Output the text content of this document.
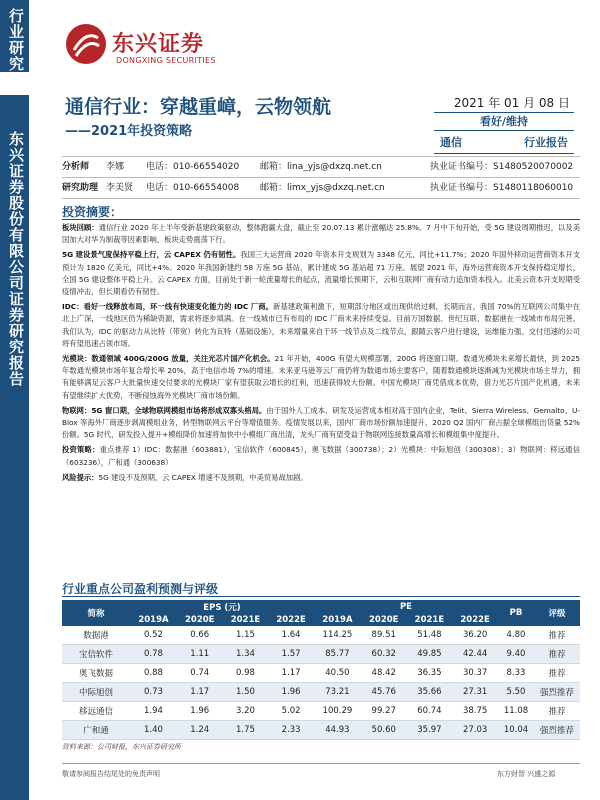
行业研究
东兴证券股份有限公司证券研究报告
东兴证券
DONGXING SECURITIES
通信行业：穿越重嶂，云物领航
——2021年投资策略
2021 年 01 月 08 日
看好/维持
通信	行业报告
分析师	李娜	电话：010-66554020	邮箱：lina_yjs@dxzq.net.cn	执业证书编号：S1480520070002
研究助理 李美贤	电话：010-66554008	邮箱：limx_yjs@dxzq.net.cn	执业证书编号：S1480118060010
投资摘要：

板块回顾：通信行业 2020 年上半年受新基建政策驱动，整体跑赢大盘，截止至 20.07.13 累计涨幅达 25.8%。7 月中下旬开始，受 5G 建设周期推迟，以及美国加大对华为制裁等因素影响，板块走势震荡下行。

5G 建设景气度保持平稳上行，云 CAPEX 仍有韧性。我国三大运营商 2020 年资本开支规划为 3348 亿元，同比+11.7%；2020 年国外移动运营商资本开支预计为 1820 亿美元，同比+4%。2020 年我国新建约 58 万座 5G 基站，累计建成 5G 基站超 71 万座。展望 2021 年，海外运营商资本开支保持稳定增长，全国 5G 建设整体平稳上升。云 CAPEX 方面，目前处于新一轮流量增长的起点，流量增长预期下，云和互联网厂商有动力追加资本投入。北美云资本开支短期受疫情冲击，但长期看仍有韧性。

IDC：看好一线释放布局，环一线有快速变化能力的 IDC 厂商。新基建政策利激下，短期部分地区或出现供给过剩，长期而言，我国 70%的互联网公司集中在北上广深，一线地区仍为稀缺资源，需求将逐步填满。在一线城市已有布局的 IDC 厂商未来持续受益。目前万国数据、世纪互联、数据港在一线城市布局完善。我们认为，IDC 的驱动力从比特（带宽）转化为瓦特（基础设施），未来增量来自于环一线节点及二线节点，跟随云客户进行建设，运维能力强、交付迅速的公司将有望迅速占领市场。

光模块：数通领域 400G/200G 放量，关注光芯片国产化机会。21 年开始，400G 有望大规模部署，200G 将逐窗口期。数通光模块未来增长最快，到 2025 年数通光模块市场年复合增长率 20%，高于电信市场 7%的增速。未来亚马逊等云厂商仍将为数通市场主要客户，随着数通模块逐渐减为光模块市场主导力，拥有能够满足云客户大批量快速交付要求的光模块厂家有望获取云增长的红利，迅速获得较大份额。中国光模块厂商凭借成本优势，借力光芯片国产化机遇，未来有望继续扩大优势，不断侵蚀海外光模块厂商市场份额。

物联网：5G 窗口期，全球物联网模组市场将形成双寡头格局。由于国外人工成本、研发及运营成本相对高于国内企业，Telit、Sierra Wireless、Gemalto、U-Blox 等海外厂商逐步剥离模组业务，转型物联网云平台等增值服务。疫情发展以来，国内厂商市场份额加速提升，2020 Q2 国内厂商占据全球模组出货量 52%份额。5G 时代，研发投入提升+模组降价加速将加快中小模组厂商出清，龙头厂商有望受益于物联网连接数量高增长和模组集中度提升。

投资策略：重点推荐 1）IDC：数据港（603881），宝信软件（600845），奥飞数据（300738）；2）光模块：中际旭创（300308）；3）物联网：移远通信（603236），广和通（300638）

风险提示：5G 建设不及预期，云 CAPEX 增速不及预期，中美贸易战加剧。

行业重点公司盈利预测与评级
简称	EPS (元)				PE				PB	评级
	2019A	2020E	2021E	2022E	2019A	2020E	2021E	2022E		
数据港	0.52	0.66	1.15	1.64	114.25	89.51	51.48	36.20	4.80	推荐
宝信软件	0.78	1.11	1.34	1.57	85.77	60.32	49.85	42.44	9.40	推荐
奥飞数据	0.88	0.74	0.98	1.17	40.50	48.42	36.35	30.37	8.33	推荐
中际旭创	0.73	1.17	1.50	1.96	73.21	45.76	35.66	27.31	5.50	强烈推荐
移远通信	1.94	1.96	3.20	5.02	100.29	99.27	60.74	38.75	11.08	推荐
广和通	1.40	1.24	1.75	2.33	44.93	50.60	35.97	27.03	10.04	强烈推荐
资料来源：公司财报，东兴证券研究所
敬请参阅报告结尾处的免责声明	东方财智 兴盛之源
